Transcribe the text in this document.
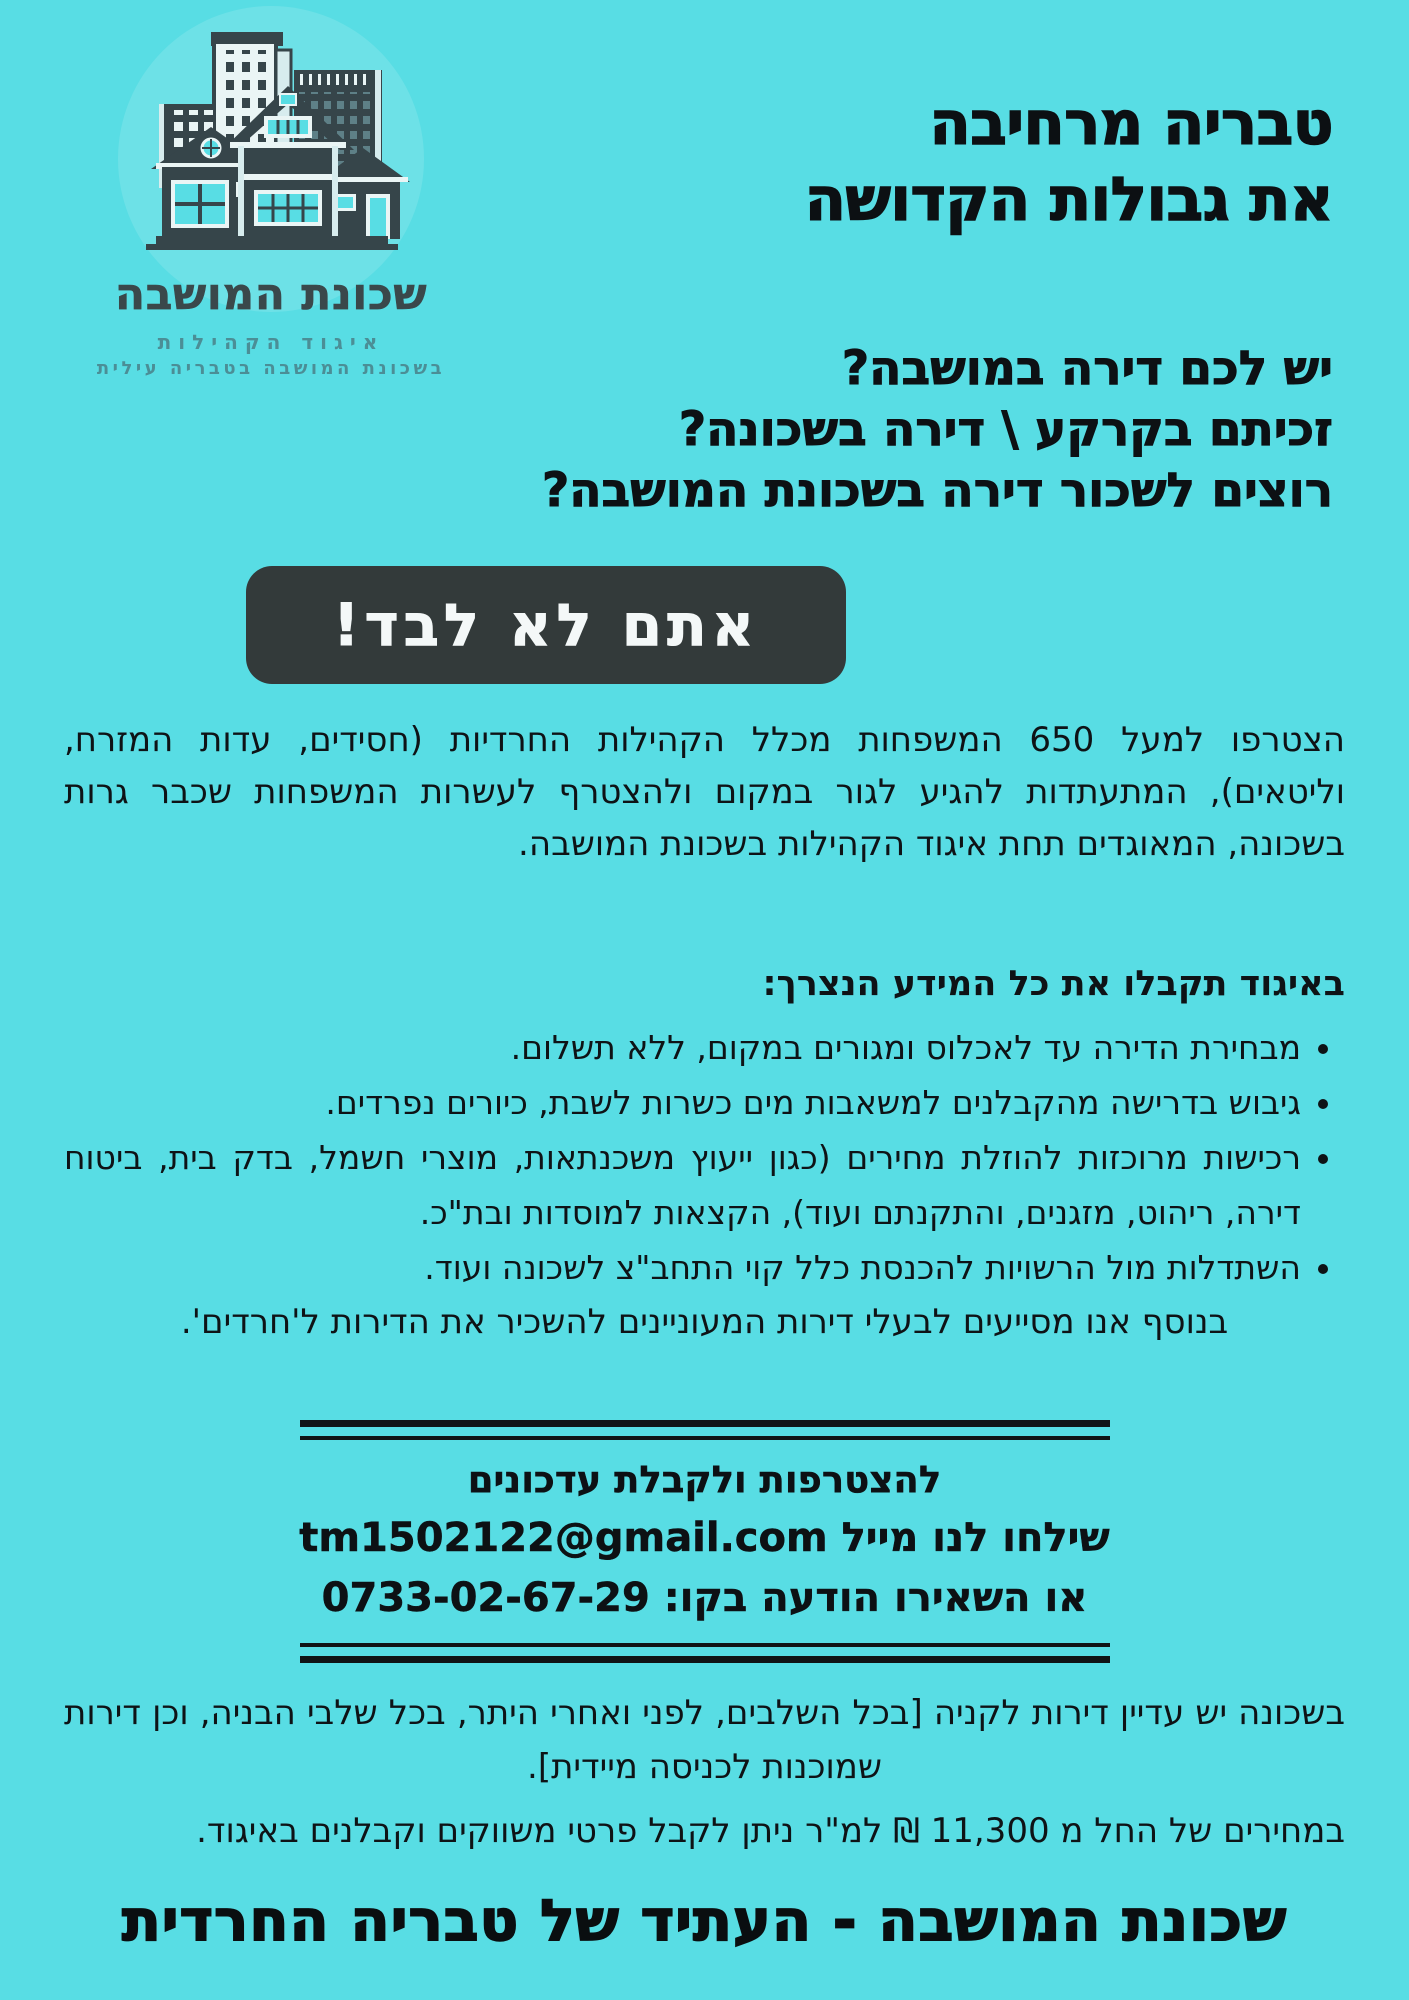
שכונת המושבה
איגוד הקהילות
בשכונת המושבה בטבריה עילית
טבריה מרחיבה
את גבולות הקדושה
יש לכם דירה במושבה?
זכיתם בקרקע \ דירה בשכונה?
רוצים לשכור דירה בשכונת המושבה?
אתם לא לבד!

הצטרפו למעל 650 המשפחות מכלל הקהילות החרדיות (חסידים, עדות המזרח, וליטאים), המתעתדות להגיע לגור במקום ולהצטרף לעשרות המשפחות שכבר גרות בשכונה, המאוגדים תחת איגוד הקהילות בשכונת המושבה.

באיגוד תקבלו את כל המידע הנצרך:
• מבחירת הדירה עד לאכלוס ומגורים במקום, ללא תשלום.
• גיבוש בדרישה מהקבלנים למשאבות מים כשרות לשבת, כיורים נפרדים.
• רכישות מרוכזות להוזלת מחירים (כגון ייעוץ משכנתאות, מוצרי חשמל, בדק בית, ביטוח דירה, ריהוט, מזגנים, והתקנתם ועוד), הקצאות למוסדות ובת"כ.
• השתדלות מול הרשויות להכנסת כלל קוי התחב"צ לשכונה ועוד.

בנוסף אנו מסייעים לבעלי דירות המעוניינים להשכיר את הדירות ל'חרדים'.

להצטרפות ולקבלת עדכונים
שילחו לנו מייל tm1502122@gmail.com
או השאירו הודעה בקו: 0733-02-67-29

בשכונה יש עדיין דירות לקניה [בכל השלבים, לפני ואחרי היתר, בכל שלבי הבניה, וכן דירות שמוכנות לכניסה מיידית].

במחירים של החל מ 11,300 ₪ למ"ר ניתן לקבל פרטי משווקים וקבלנים באיגוד.

שכונת המושבה - העתיד של טבריה החרדית
